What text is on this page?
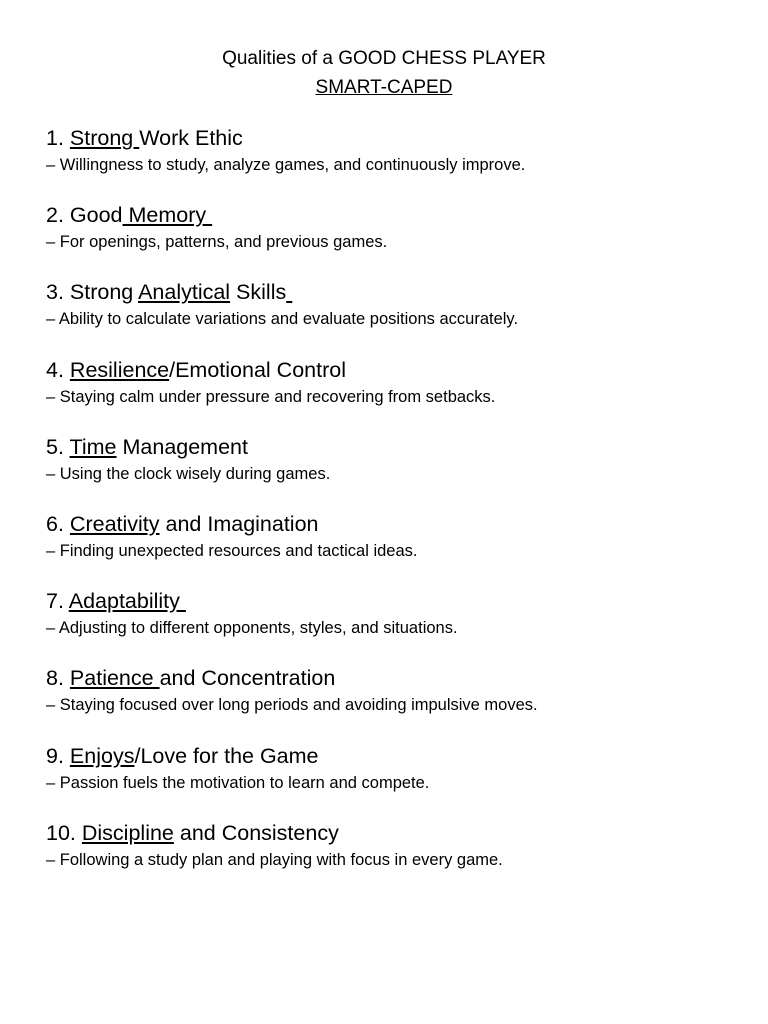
Qualities of a GOOD CHESS PLAYER
SMART-CAPED
1. Strong Work Ethic
– Willingness to study, analyze games, and continuously improve.
2. Good Memory
– For openings, patterns, and previous games.
3. Strong Analytical Skills
– Ability to calculate variations and evaluate positions accurately.
4. Resilience/Emotional Control
– Staying calm under pressure and recovering from setbacks.
5. Time Management
– Using the clock wisely during games.
6. Creativity and Imagination
– Finding unexpected resources and tactical ideas.
7. Adaptability
– Adjusting to different opponents, styles, and situations.
8. Patience and Concentration
– Staying focused over long periods and avoiding impulsive moves.
9. Enjoys/Love for the Game
– Passion fuels the motivation to learn and compete.
10. Discipline and Consistency
– Following a study plan and playing with focus in every game.
